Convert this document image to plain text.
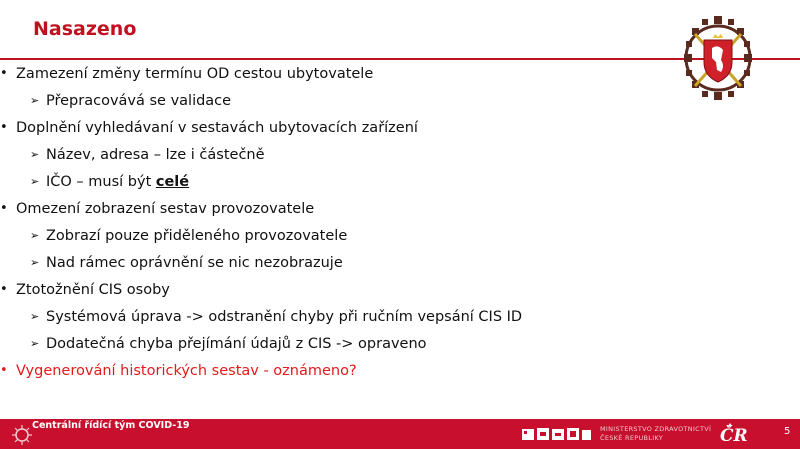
Nasazeno
• Zamezení změny termínu OD cestou ubytovatele
➢ Přepracovává se validace
• Doplnění vyhledávaní v sestavách ubytovacích zařízení
➢ Název, adresa – lze i částečně
➢ IČO – musí být celé
• Omezení zobrazení sestav provozovatele
➢ Zobrazí pouze přiděleného provozovatele
➢ Nad rámec oprávnění se nic nezobrazuje
• Ztotožnění CIS osoby
➢ Systémová úprava -> odstranění chyby při ručním vepsání CIS ID
➢ Dodatečná chyba přejímání údajů z CIS -> opraveno
• Vygenerování historických sestav - oznámeno?
Centrální řídící tým COVID-19	MINISTERSTVO ZDRAVOTNICTVÍ
ČESKÉ REPUBLIKY	ČR	5
